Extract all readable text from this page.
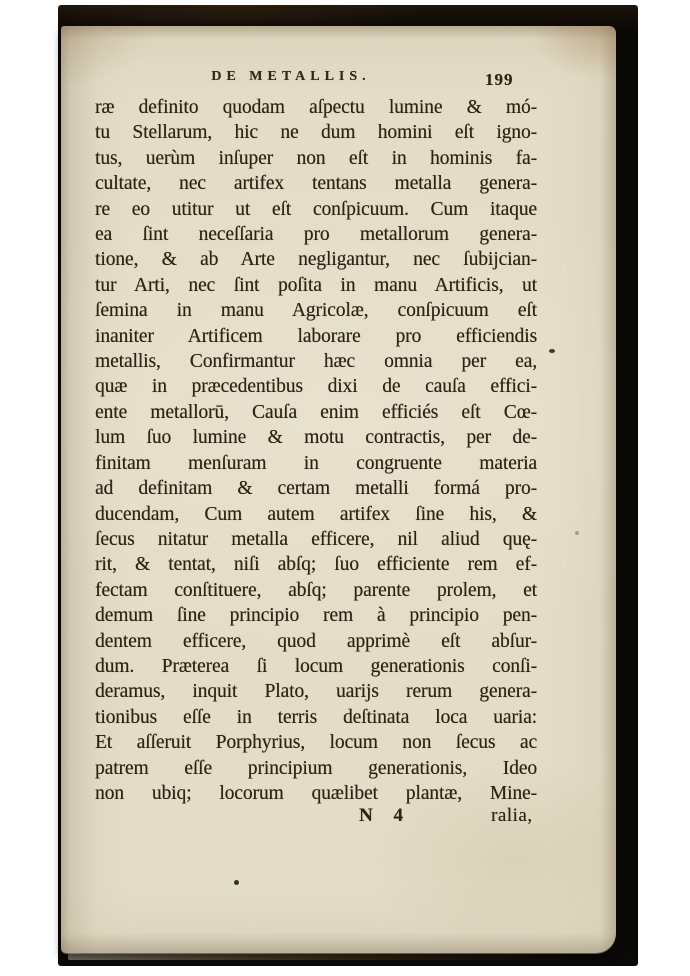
DE METALLIS.	199
ræ definito quodam aſpectu lumine & mó-
tu Stellarum, hic ne dum homini eſt igno-
tus, uerùm inſuper non eſt in hominis fa-
cultate, nec artifex tentans metalla genera-
re eo utitur ut eſt conſpicuum. Cum itaque
ea ſint neceſſaria pro metallorum genera-
tione, & ab Arte negligantur, nec ſubijcian-
tur Arti, nec ſint poſita in manu Artificis, ut
ſemina in manu Agricolæ, conſpicuum eſt
inaniter Artificem laborare pro efficiendis
metallis, Confirmantur hæc omnia per ea,
quæ in præcedentibus dixi de cauſa effici-
ente metallorū, Cauſa enim efficiés eſt Cœ-
lum ſuo lumine & motu contractis, per de-
finitam menſuram in congruente materia
ad definitam & certam metalli formá pro-
ducendam, Cum autem artifex ſine his, &
ſecus nitatur metalla efficere, nil aliud quę-
rit, & tentat, niſi abſq; ſuo efficiente rem ef-
fectam conſtituere, abſq; parente prolem, et
demum ſine principio rem à principio pen-
dentem efficere, quod apprimè eſt abſur-
dum. Præterea ſi locum generationis conſi-
deramus, inquit Plato, uarijs rerum genera-
tionibus eſſe in terris deſtinata loca uaria:
Et aſſeruit Porphyrius, locum non ſecus ac
patrem eſſe principium generationis, Ideo
non ubiq; locorum quælibet plantæ, Mine-
N 4	ralia,
